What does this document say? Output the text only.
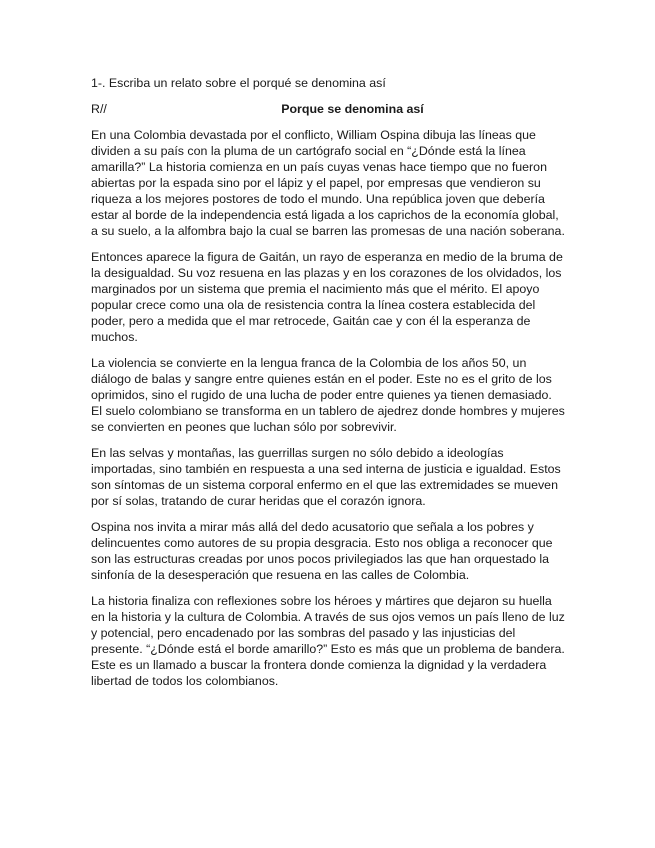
1-. Escriba un relato sobre el porqué se denomina así

R//	Porque se denomina así

En una Colombia devastada por el conflicto, William Ospina dibuja las líneas que dividen a su país con la pluma de un cartógrafo social en “¿Dónde está la línea amarilla?” La historia comienza en un país cuyas venas hace tiempo que no fueron abiertas por la espada sino por el lápiz y el papel, por empresas que vendieron su riqueza a los mejores postores de todo el mundo. Una república joven que debería estar al borde de la independencia está ligada a los caprichos de la economía global, a su suelo, a la alfombra bajo la cual se barren las promesas de una nación soberana.

Entonces aparece la figura de Gaitán, un rayo de esperanza en medio de la bruma de la desigualdad. Su voz resuena en las plazas y en los corazones de los olvidados, los marginados por un sistema que premia el nacimiento más que el mérito. El apoyo popular crece como una ola de resistencia contra la línea costera establecida del poder, pero a medida que el mar retrocede, Gaitán cae y con él la esperanza de muchos.

La violencia se convierte en la lengua franca de la Colombia de los años 50, un diálogo de balas y sangre entre quienes están en el poder. Este no es el grito de los oprimidos, sino el rugido de una lucha de poder entre quienes ya tienen demasiado. El suelo colombiano se transforma en un tablero de ajedrez donde hombres y mujeres se convierten en peones que luchan sólo por sobrevivir.

En las selvas y montañas, las guerrillas surgen no sólo debido a ideologías importadas, sino también en respuesta a una sed interna de justicia e igualdad. Estos son síntomas de un sistema corporal enfermo en el que las extremidades se mueven por sí solas, tratando de curar heridas que el corazón ignora.

Ospina nos invita a mirar más allá del dedo acusatorio que señala a los pobres y delincuentes como autores de su propia desgracia. Esto nos obliga a reconocer que son las estructuras creadas por unos pocos privilegiados las que han orquestado la sinfonía de la desesperación que resuena en las calles de Colombia.

La historia finaliza con reflexiones sobre los héroes y mártires que dejaron su huella en la historia y la cultura de Colombia. A través de sus ojos vemos un país lleno de luz y potencial, pero encadenado por las sombras del pasado y las injusticias del presente. “¿Dónde está el borde amarillo?” Esto es más que un problema de bandera. Este es un llamado a buscar la frontera donde comienza la dignidad y la verdadera libertad de todos los colombianos.
